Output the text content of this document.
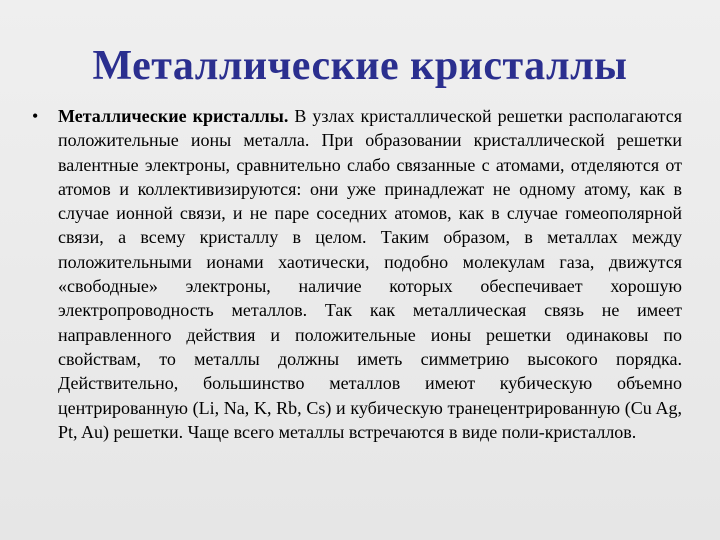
Металлические кристаллы
•	Металлические кристаллы. В узлах кристаллической решетки располагаются положительные ионы металла. При образовании кристаллической решетки валентные электроны, сравнительно слабо связанные с атомами, отделяются от атомов и коллективизируются: они уже принадлежат не одному атому, как в случае ионной связи, и не паре соседних атомов, как в случае гомеополярной связи, а всему кристаллу в целом. Таким образом, в металлах между положительными ионами хаотически, подобно молекулам газа, движутся «свободные» электроны, наличие которых обеспечивает хорошую электропроводность металлов. Так как металлическая связь не имеет направленного действия и положительные ионы решетки одинаковы по свойствам, то металлы должны иметь симметрию высокого порядка. Действительно, большинство металлов имеют кубическую объемно центрированную (Li, Na, K, Rb, Cs) и кубическую транецентрированную (Cu Ag, Pt, Au) решетки. Чаще всего металлы встречаются в виде поли-кристаллов.
